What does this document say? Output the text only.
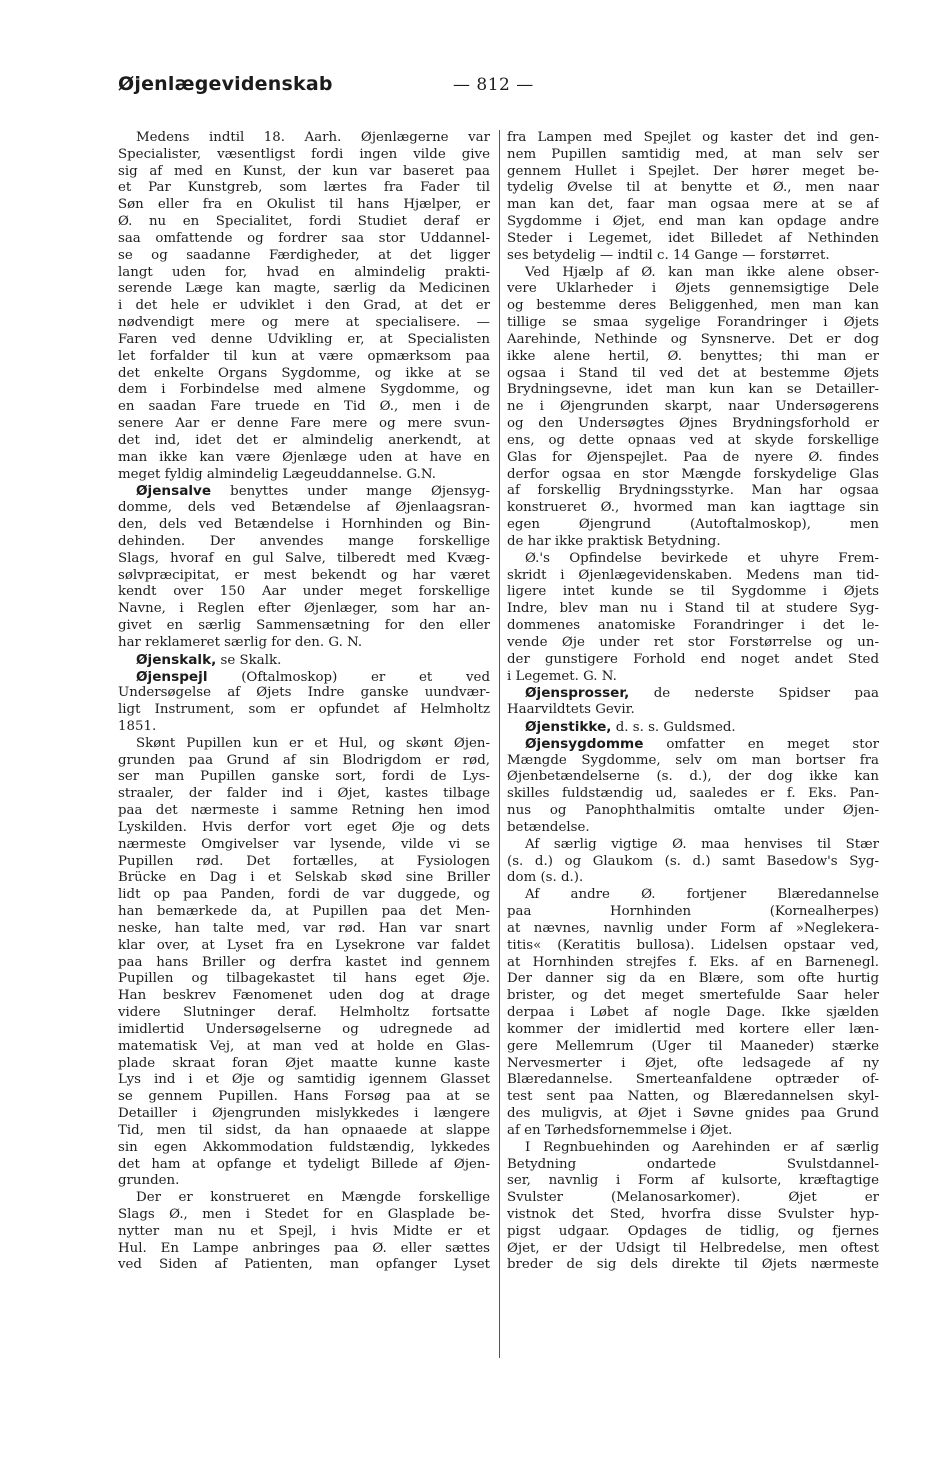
Øjenlægevidenskab	— 812 —
Medens indtil 18. Aarh. Øjenlægerne var
Specialister, væsentligst fordi ingen vilde give
sig af med en Kunst, der kun var baseret paa
et Par Kunstgreb, som lærtes fra Fader til
Søn eller fra en Okulist til hans Hjælper, er
Ø. nu en Specialitet, fordi Studiet deraf er
saa omfattende og fordrer saa stor Uddannel-
se og saadanne Færdigheder, at det ligger
langt uden for, hvad en almindelig prakti-
serende Læge kan magte, særlig da Medicinen
i det hele er udviklet i den Grad, at det er
nødvendigt mere og mere at specialisere. —
Faren ved denne Udvikling er, at Specialisten
let forfalder til kun at være opmærksom paa
det enkelte Organs Sygdomme, og ikke at se
dem i Forbindelse med almene Sygdomme, og
en saadan Fare truede en Tid Ø., men i de
senere Aar er denne Fare mere og mere svun-
det ind, idet det er almindelig anerkendt, at
man ikke kan være Øjenlæge uden at have en
meget fyldig almindelig Lægeuddannelse. G.N.
Øjensalve benyttes under mange Øjensyg-
domme, dels ved Betændelse af Øjenlaagsran-
den, dels ved Betændelse i Hornhinden og Bin-
dehinden. Der anvendes mange forskellige
Slags, hvoraf en gul Salve, tilberedt med Kvæg-
sølvpræcipitat, er mest bekendt og har været
kendt over 150 Aar under meget forskellige
Navne, i Reglen efter Øjenlæger, som har an-
givet en særlig Sammensætning for den eller
har reklameret særlig for den. G. N.
Øjenskalk, se Skalk.
Øjenspejl	(Oftalmoskop) er et ved
Undersøgelse af Øjets Indre ganske uundvær-
ligt Instrument, som er opfundet af Helmholtz
1851.
Skønt Pupillen kun er et Hul, og skønt Øjen-
grunden paa Grund af sin Blodrigdom er rød,
ser man Pupillen ganske sort, fordi de Lys-
straaler, der falder ind i Øjet, kastes tilbage
paa det nærmeste i samme Retning hen imod
Lyskilden. Hvis derfor vort eget Øje og dets
nærmeste Omgivelser var lysende, vilde vi se
Pupillen rød. Det fortælles, at Fysiologen
Brücke en Dag i et Selskab skød sine Briller
lidt op paa Panden, fordi de var duggede, og
han bemærkede da, at Pupillen paa det Men-
neske, han talte med, var rød. Han var snart
klar over, at Lyset fra en Lysekrone var faldet
paa hans Briller og derfra kastet ind gennem
Pupillen og tilbagekastet til hans eget Øje.
Han beskrev Fænomenet uden dog at drage
videre Slutninger deraf. Helmholtz fortsatte
imidlertid Undersøgelserne og udregnede ad
matematisk Vej, at man ved at holde en Glas-
plade skraat foran Øjet maatte kunne kaste
Lys ind i et Øje og samtidig igennem Glasset
se gennem Pupillen. Hans Forsøg paa at se
Detailler i Øjengrunden mislykkedes i længere
Tid, men til sidst, da han opnaaede at slappe
sin egen Akkommodation fuldstændig, lykkedes
det ham at opfange et tydeligt Billede af Øjen-
grunden.
Der er konstrueret en Mængde forskellige
Slags Ø., men i Stedet for en Glasplade be-
nytter man nu et Spejl, i hvis Midte er et
Hul. En Lampe anbringes paa Ø. eller sættes
ved Siden af Patienten, man opfanger Lyset
fra Lampen med Spejlet og kaster det ind gen-
nem Pupillen samtidig med, at man selv ser
gennem Hullet i Spejlet. Der hører meget be-
tydelig Øvelse til at benytte et Ø., men naar
man kan det, faar man ogsaa mere at se af
Sygdomme i Øjet, end man kan opdage andre
Steder i Legemet, idet Billedet af Nethinden
ses betydelig — indtil c. 14 Gange — forstørret.
Ved Hjælp af Ø. kan man ikke alene obser-
vere Uklarheder i Øjets gennemsigtige Dele
og bestemme deres Beliggenhed, men man kan
tillige se smaa sygelige Forandringer i Øjets
Aarehinde, Nethinde og Synsnerve. Det er dog
ikke alene hertil, Ø. benyttes; thi man er
ogsaa i Stand til ved det at bestemme Øjets
Brydningsevne, idet man kun kan se Detailler-
ne i Øjengrunden skarpt, naar Undersøgerens
og den Undersøgtes Øjnes Brydningsforhold er
ens, og dette opnaas ved at skyde forskellige
Glas for Øjenspejlet. Paa de nyere Ø. findes
derfor ogsaa en stor Mængde forskydelige Glas
af forskellig Brydningsstyrke. Man har ogsaa
konstrueret Ø., hvormed man kan iagttage sin
egen Øjengrund (Autoftalmoskop), men
de har ikke praktisk Betydning.
Ø.'s Opfindelse bevirkede et uhyre Frem-
skridt i Øjenlægevidenskaben. Medens man tid-
ligere intet kunde se til Sygdomme i Øjets
Indre, blev man nu i Stand til at studere Syg-
dommenes anatomiske Forandringer i det le-
vende Øje under ret stor Forstørrelse og un-
der gunstigere Forhold end noget andet Sted
i Legemet. G. N.
Øjensprosser, de nederste Spidser paa
Haarvildtets Gevir.
Øjenstikke, d. s. s. Guldsmed.
Øjensygdomme omfatter en meget stor
Mængde Sygdomme, selv om man bortser fra
Øjenbetændelserne (s. d.), der dog ikke kan
skilles fuldstændig ud, saaledes er f. Eks. Pan-
nus og Panophthalmitis omtalte under Øjen-
betændelse.
Af særlig vigtige Ø. maa henvises til Stær
(s. d.) og Glaukom (s. d.) samt Basedow's Syg-
dom (s. d.).
Af andre Ø. fortjener Blæredannelse
paa Hornhinden (Kornealherpes)
at nævnes, navnlig under Form af »Neglekera-
titis« (Keratitis bullosa). Lidelsen opstaar ved,
at Hornhinden strejfes f. Eks. af en Barnenegl.
Der danner sig da en Blære, som ofte hurtig
brister, og det meget smertefulde Saar heler
derpaa i Løbet af nogle Dage. Ikke sjælden
kommer der imidlertid med kortere eller læn-
gere Mellemrum (Uger til Maaneder) stærke
Nervesmerter i Øjet, ofte ledsagede af ny
Blæredannelse. Smerteanfaldene optræder of-
test sent paa Natten, og Blæredannelsen skyl-
des muligvis, at Øjet i Søvne gnides paa Grund
af en Tørhedsfornemmelse i Øjet.
I Regnbuehinden og Aarehinden er af særlig
Betydning ondartede Svulstdannel-
ser, navnlig i Form af kulsorte, kræftagtige
Svulster (Melanosarkomer). Øjet er
vistnok det Sted, hvorfra disse Svulster hyp-
pigst udgaar. Opdages de tidlig, og fjernes
Øjet, er der Udsigt til Helbredelse, men oftest
breder de sig dels direkte til Øjets nærmeste
